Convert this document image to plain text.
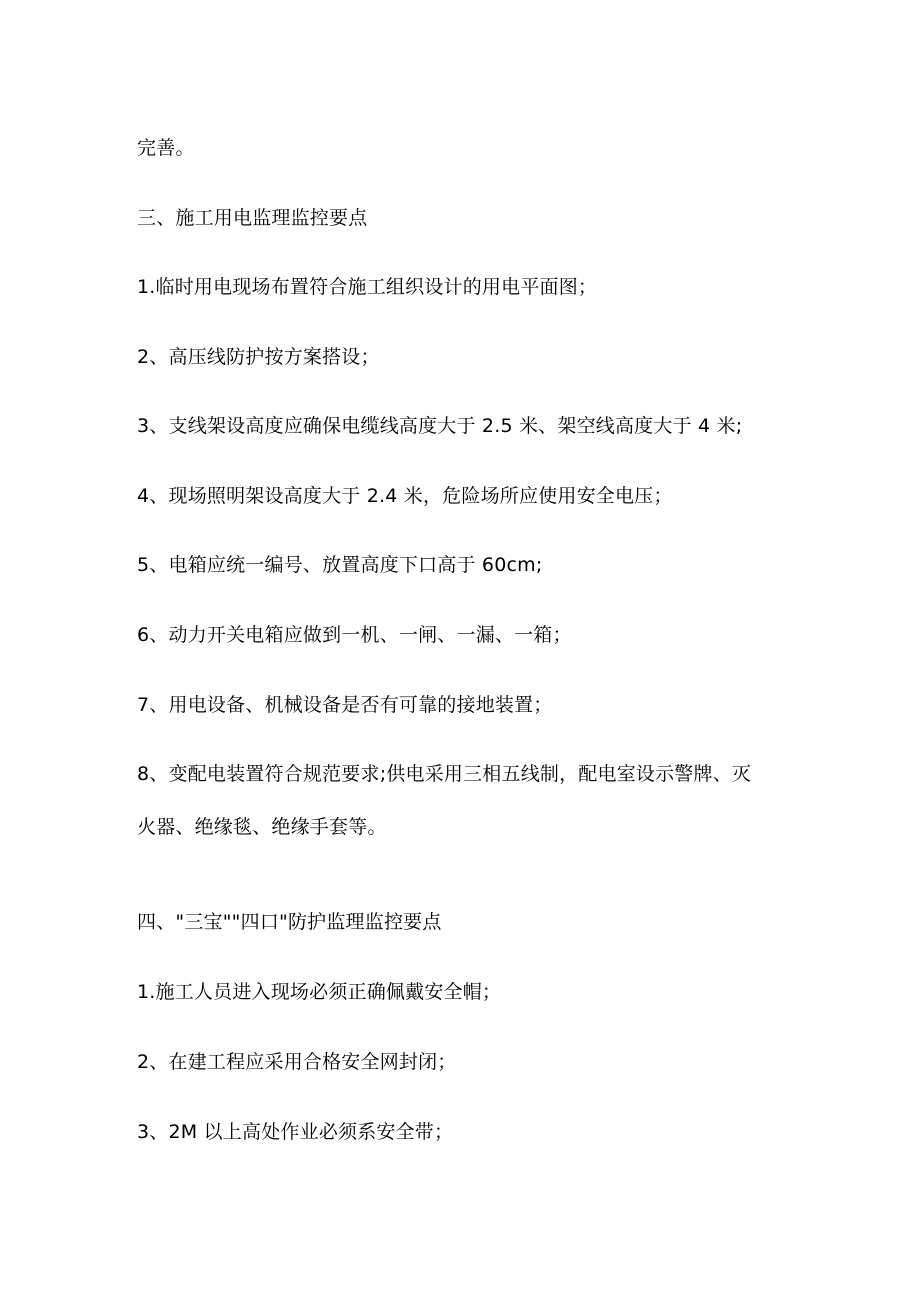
完善。
三、施工用电监理监控要点
1.临时用电现场布置符合施工组织设计的用电平面图；
2、高压线防护按方案搭设；
3、支线架设高度应确保电缆线高度大于 2.5 米、架空线高度大于 4 米;
4、现场照明架设高度大于 2.4 米，危险场所应使用安全电压；
5、电箱应统一编号、放置高度下口高于 60cm;
6、动力开关电箱应做到一机、一闸、一漏、一箱；
7、用电设备、机械设备是否有可靠的接地装置；
8、变配电装置符合规范要求;供电采用三相五线制，配电室设示警牌、灭
火器、绝缘毯、绝缘手套等。
四、"三宝""四口"防护监理监控要点
1.施工人员进入现场必须正确佩戴安全帽；
2、在建工程应采用合格安全网封闭；
3、2M 以上高处作业必须系安全带；
